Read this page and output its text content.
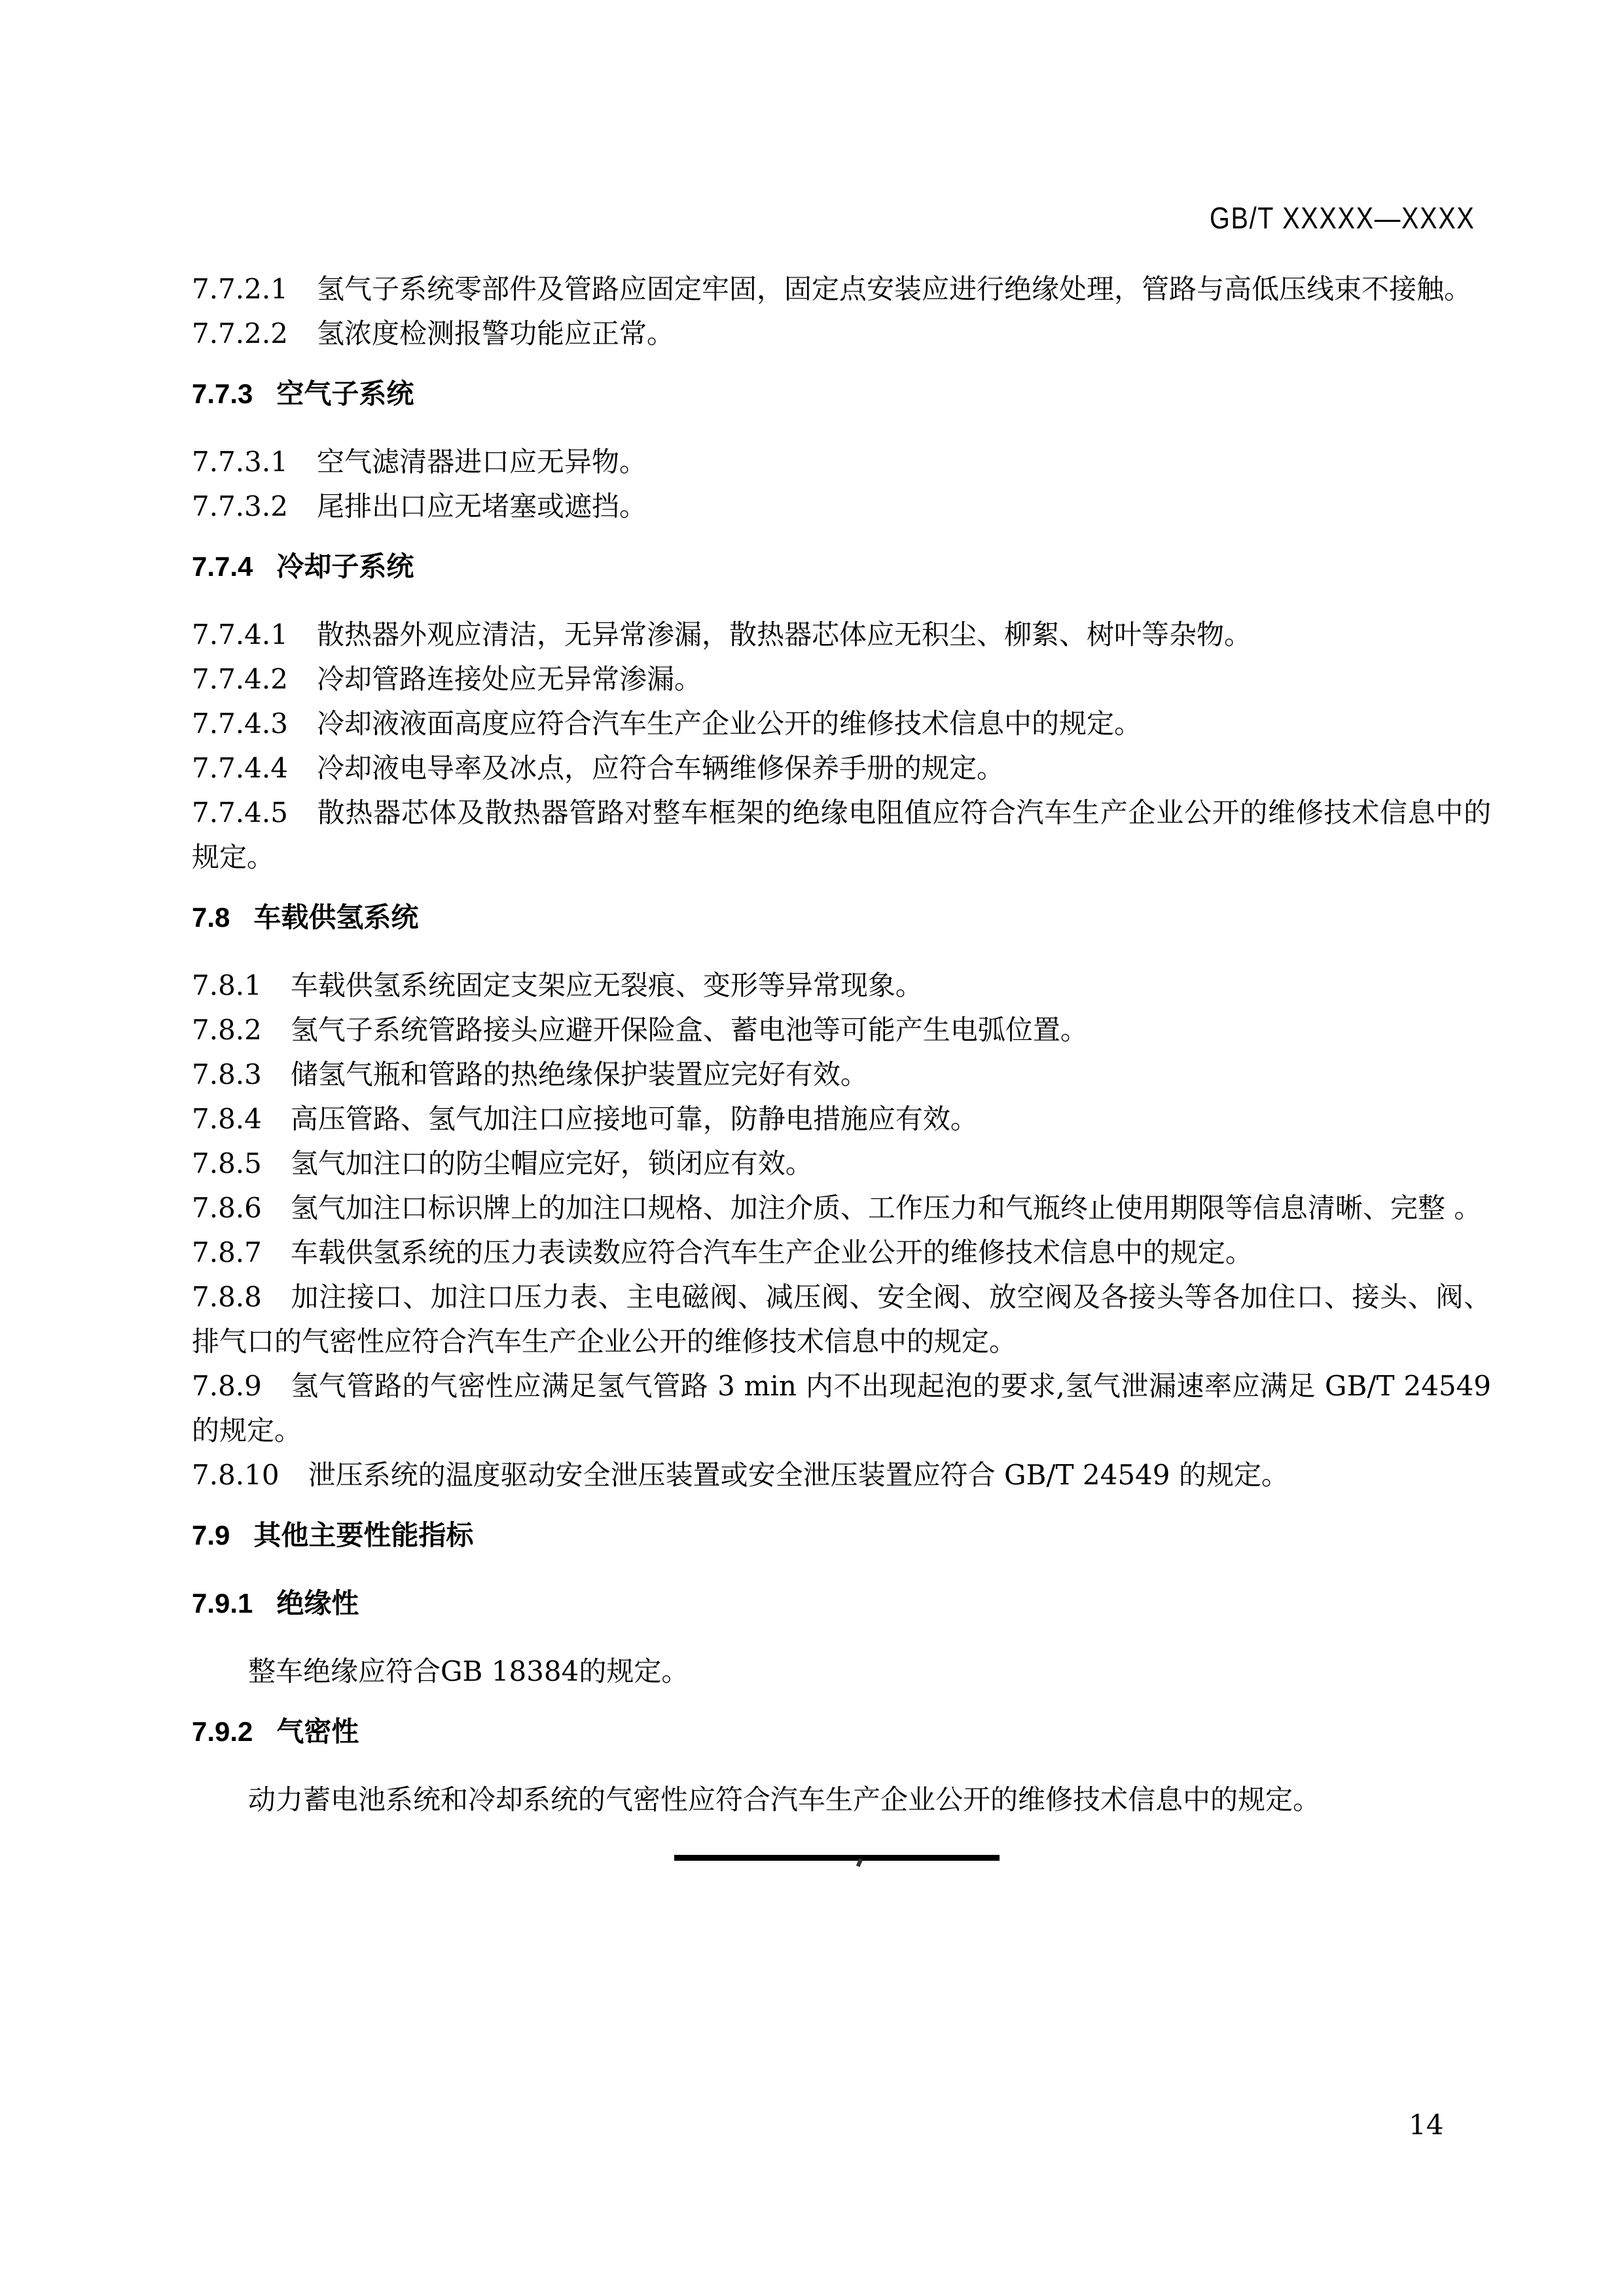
GB/T XXXXX—XXXX
7.7.2.1 氢气子系统零部件及管路应固定牢固，固定点安装应进行绝缘处理，管路与高低压线束不接触。
7.7.2.2 氢浓度检测报警功能应正常。
7.7.3 空气子系统
7.7.3.1 空气滤清器进口应无异物。
7.7.3.2 尾排出口应无堵塞或遮挡。
7.7.4 冷却子系统
7.7.4.1 散热器外观应清洁，无异常渗漏，散热器芯体应无积尘、柳絮、树叶等杂物。
7.7.4.2 冷却管路连接处应无异常渗漏。
7.7.4.3 冷却液液面高度应符合汽车生产企业公开的维修技术信息中的规定。
7.7.4.4 冷却液电导率及冰点，应符合车辆维修保养手册的规定。
7.7.4.5 散热器芯体及散热器管路对整车框架的绝缘电阻值应符合汽车生产企业公开的维修技术信息中的规定。
7.8 车载供氢系统
7.8.1 车载供氢系统固定支架应无裂痕、变形等异常现象。
7.8.2 氢气子系统管路接头应避开保险盒、蓄电池等可能产生电弧位置。
7.8.3 储氢气瓶和管路的热绝缘保护装置应完好有效。
7.8.4 高压管路、氢气加注口应接地可靠，防静电措施应有效。
7.8.5 氢气加注口的防尘帽应完好，锁闭应有效。
7.8.6 氢气加注口标识牌上的加注口规格、加注介质、工作压力和气瓶终止使用期限等信息清晰、完整 。
7.8.7 车载供氢系统的压力表读数应符合汽车生产企业公开的维修技术信息中的规定。
7.8.8 加注接口、加注口压力表、主电磁阀、减压阀、安全阀、放空阀及各接头等各加住口、接头、阀、排气口的气密性应符合汽车生产企业公开的维修技术信息中的规定。
7.8.9 氢气管路的气密性应满足氢气管路 3 min 内不出现起泡的要求,氢气泄漏速率应满足 GB/T 24549 的规定。
7.8.10 泄压系统的温度驱动安全泄压装置或安全泄压装置应符合 GB/T 24549 的规定。
7.9 其他主要性能指标
7.9.1 绝缘性
整车绝缘应符合GB 18384的规定。
7.9.2 气密性
动力蓄电池系统和冷却系统的气密性应符合汽车生产企业公开的维修技术信息中的规定。
14
